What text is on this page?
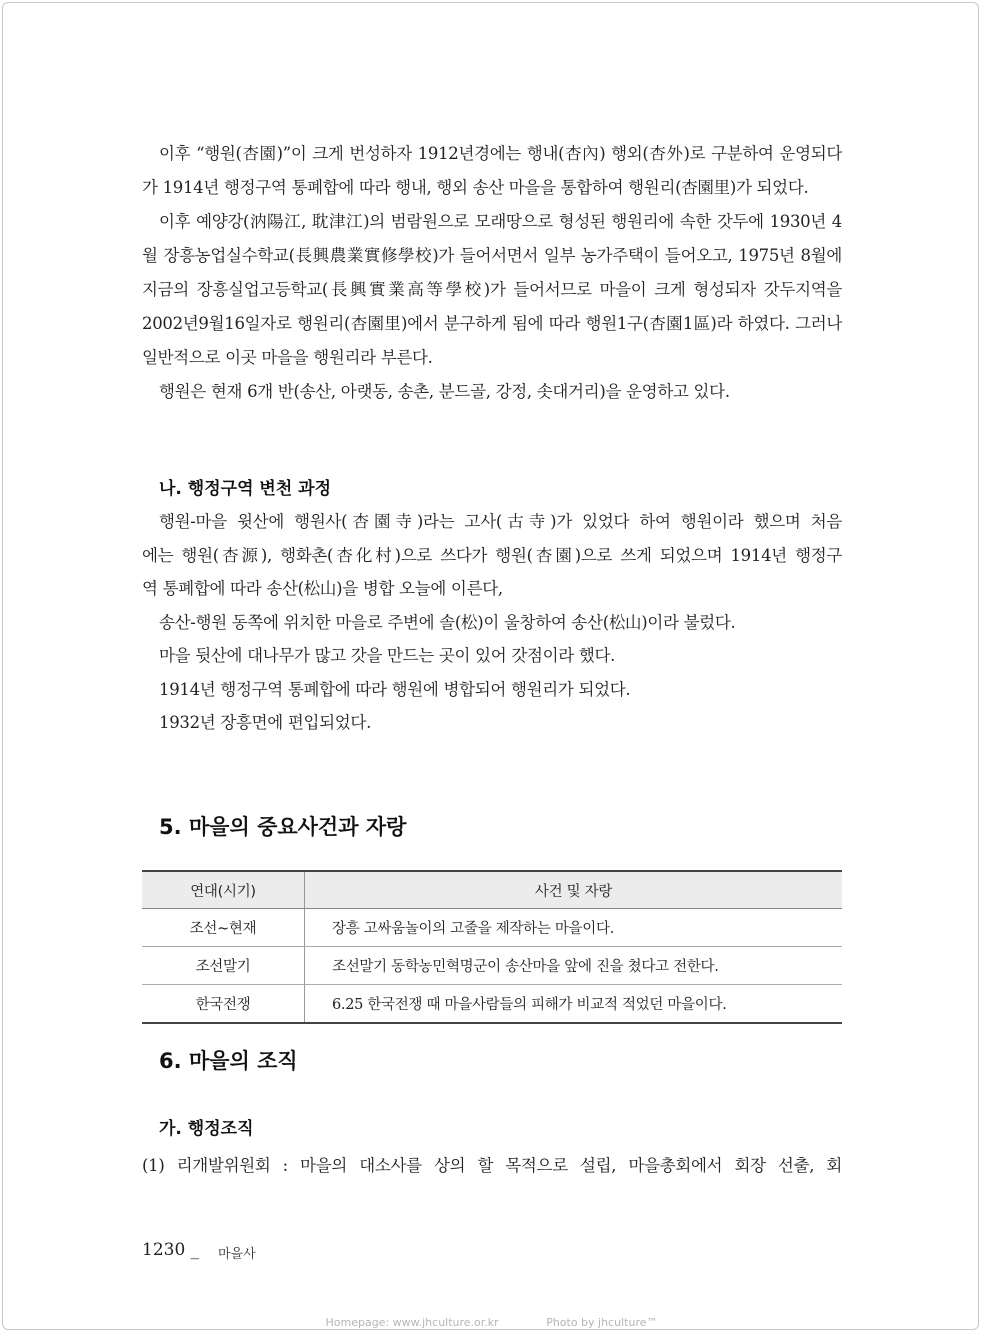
이후 “행원(杏園)”이 크게 번성하자 1912년경에는 행내(杏內) 행외(杏外)로 구분하여 운영되다가 1914년 행정구역 통폐합에 따라 행내, 행외 송산 마을을 통합하여 행원리(杏園里)가 되었다.

이후 예양강(汭陽江, 耽津江)의 범람원으로 모래땅으로 형성된 행원리에 속한 갓두에 1930년 4월 장흥농업실수학교(長興農業實修學校)가 들어서면서 일부 농가주택이 들어오고, 1975년 8월에 지금의 장흥실업고등학교(長興實業高等學校)가 들어서므로 마을이 크게 형성되자 갓두지역을 2002년9월16일자로 행원리(杏園里)에서 분구하게 됨에 따라 행원1구(杏園1區)라 하였다. 그러나 일반적으로 이곳 마을을 행원리라 부른다.

행원은 현재 6개 반(송산, 아랫동, 송촌, 분드골, 강정, 솟대거리)을 운영하고 있다.

나. 행정구역 변천 과정
행원-마을 윗산에 행원사(杏園寺)라는 고사(古寺)가 있었다 하여 행원이라 했으며 처음
에는 행원(杏源), 행화촌(杏化村)으로 쓰다가 행원(杏園)으로 쓰게 되었으며 1914년 행정구
역 통폐합에 따라 송산(松山)을 병합 오늘에 이른다,
송산-행원 동쪽에 위치한 마을로 주변에 솔(松)이 울창하여 송산(松山)이라 불렀다.
마을 뒷산에 대나무가 많고 갓을 만드는 곳이 있어 갓점이라 했다.
1914년 행정구역 통폐합에 따라 행원에 병합되어 행원리가 되었다.
1932년 장흥면에 편입되었다.
5. 마을의 중요사건과 자랑
연대(시기)	사건 및 자랑
조선~현재	장흥 고싸움놀이의 고줄을 제작하는 마을이다.
조선말기	조선말기 동학농민혁명군이 송산마을 앞에 진을 쳤다고 전한다.
한국전쟁	6.25 한국전쟁 때 마을사람들의 피해가 비교적 적었던 마을이다.
6. 마을의 조직
가. 행정조직
(1) 리개발위원회 : 마을의 대소사를 상의 할 목적으로 설립, 마을총회에서 회장 선출, 회
1230 _ 마을사
Homepage: www.jhculture.or.kr	Photo by jhculture™
